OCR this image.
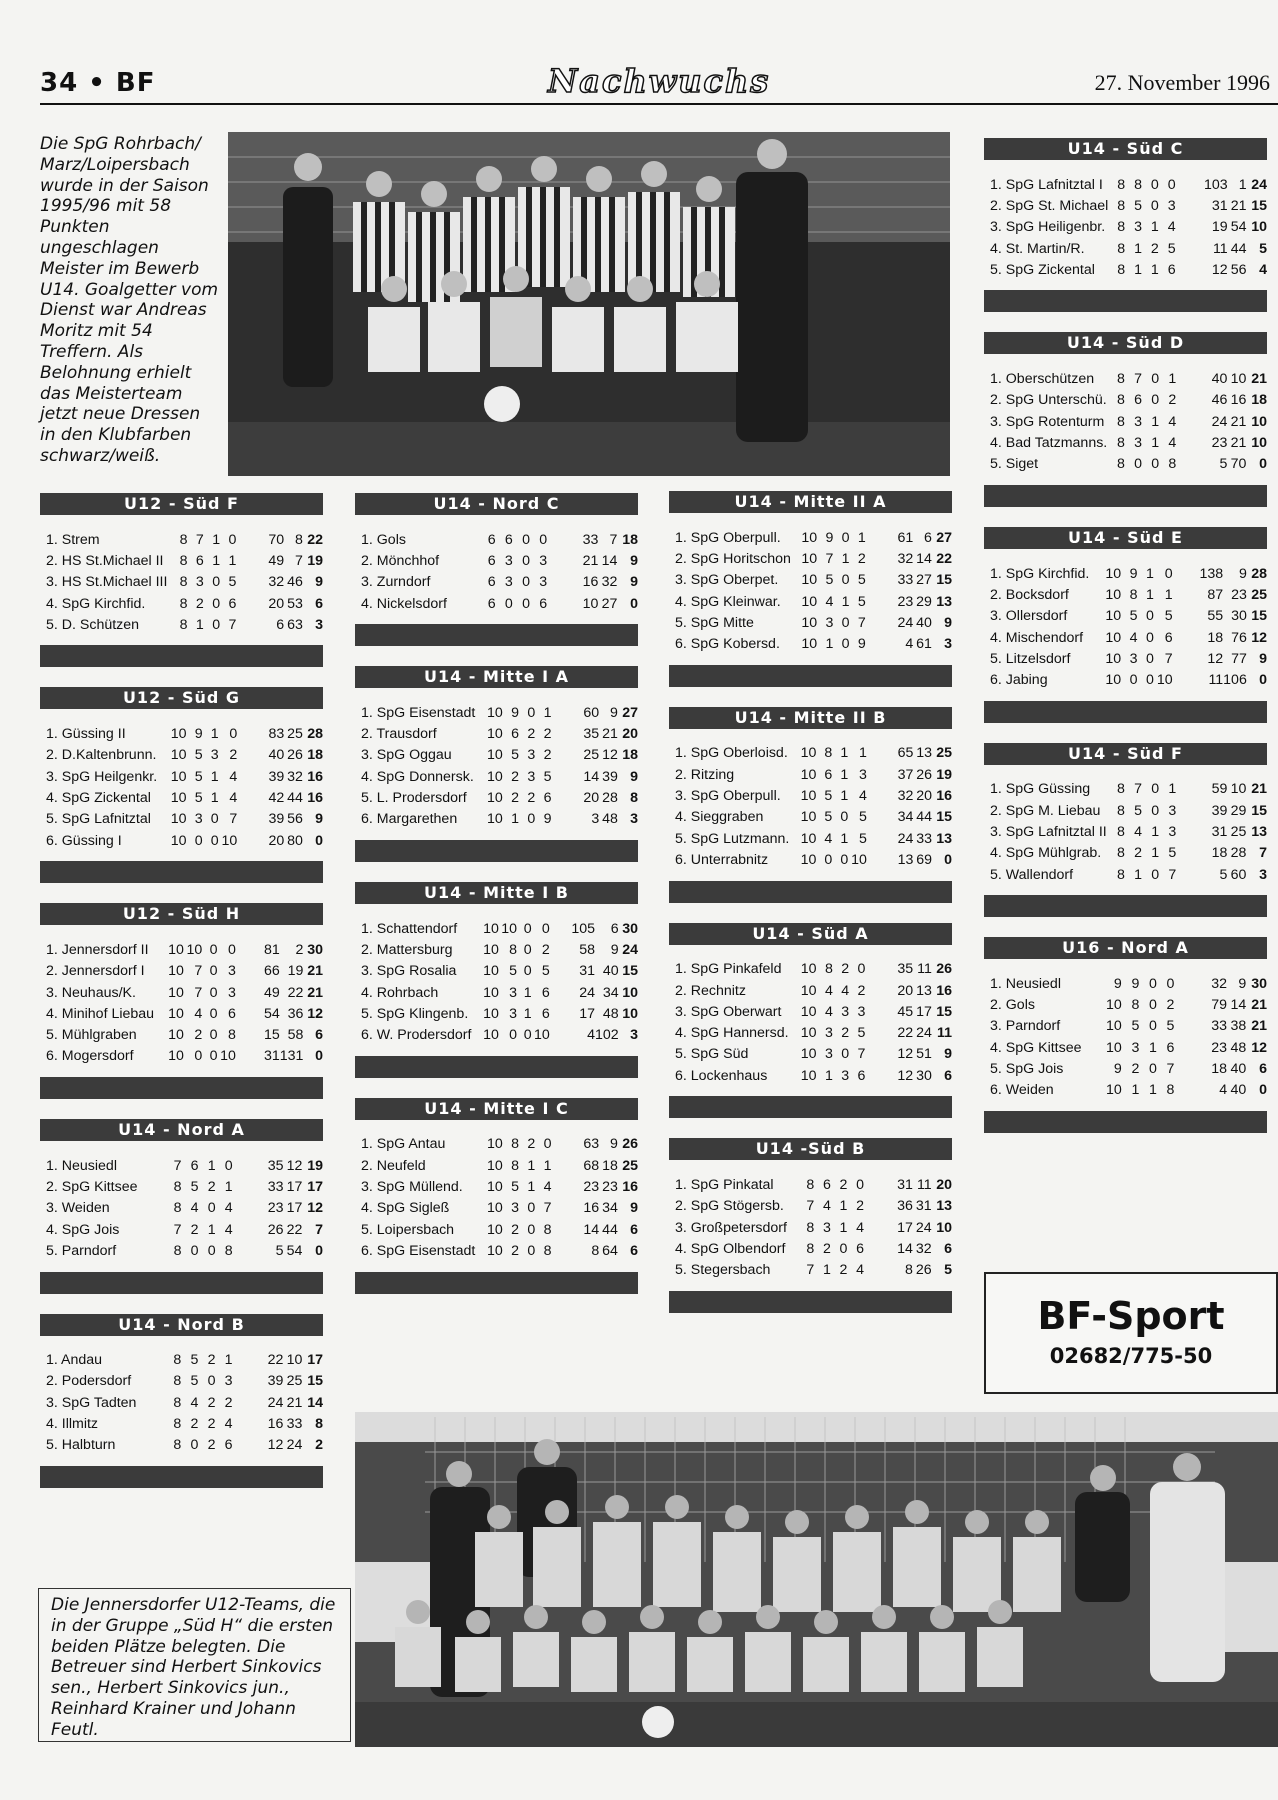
34 • BF	Nachwuchs	27. November 1996
Die SpG Rohrbach/ Marz/Loipersbach wurde in der Saison 1995/96 mit 58 Punkten ungeschlagen Meister im Bewerb U14. Goalgetter vom Dienst war Andreas Moritz mit 54 Treffern. Als Belohnung erhielt das Meisterteam jetzt neue Dressen in den Klubfarben schwarz/weiß.
U12 - Süd F
1. Strem	8	7	1	0	70	8	22
2. HS St.Michael II	8	6	1	1	49	7	19
3. HS St.Michael III	8	3	0	5	32	46	9
4. SpG Kirchfid.	8	2	0	6	20	53	6
5. D. Schützen	8	1	0	7	6	63	3
U12 - Süd G
1. Güssing II	10	9	1	0	83	25	28
2. D.Kaltenbrunn.	10	5	3	2	40	26	18
3. SpG Heilgenkr.	10	5	1	4	39	32	16
4. SpG Zickental	10	5	1	4	42	44	16
5. SpG Lafnitztal	10	3	0	7	39	56	9
6. Güssing I	10	0	0	10	20	80	0
U12 - Süd H
1. Jennersdorf II	10	10	0	0	81	2	30
2. Jennersdorf I	10	7	0	3	66	19	21
3. Neuhaus/K.	10	7	0	3	49	22	21
4. Minihof Liebau	10	4	0	6	54	36	12
5. Mühlgraben	10	2	0	8	15	58	6
6. Mogersdorf	10	0	0	10	31	131	0
U14 - Nord A
1. Neusiedl	7	6	1	0	35	12	19
2. SpG Kittsee	8	5	2	1	33	17	17
3. Weiden	8	4	0	4	23	17	12
4. SpG Jois	7	2	1	4	26	22	7
5. Parndorf	8	0	0	8	5	54	0
U14 - Nord B
1. Andau	8	5	2	1	22	10	17
2. Podersdorf	8	5	0	3	39	25	15
3. SpG Tadten	8	4	2	2	24	21	14
4. Illmitz	8	2	2	4	16	33	8
5. Halbturn	8	0	2	6	12	24	2
U14 - Nord C
1. Gols	6	6	0	0	33	7	18
2. Mönchhof	6	3	0	3	21	14	9
3. Zurndorf	6	3	0	3	16	32	9
4. Nickelsdorf	6	0	0	6	10	27	0
U14 - Mitte I A
1. SpG Eisenstadt	10	9	0	1	60	9	27
2. Trausdorf	10	6	2	2	35	21	20
3. SpG Oggau	10	5	3	2	25	12	18
4. SpG Donnersk.	10	2	3	5	14	39	9
5. L. Prodersdorf	10	2	2	6	20	28	8
6. Margarethen	10	1	0	9	3	48	3
U14 - Mitte I B
1. Schattendorf	10	10	0	0	105	6	30
2. Mattersburg	10	8	0	2	58	9	24
3. SpG Rosalia	10	5	0	5	31	40	15
4. Rohrbach	10	3	1	6	24	34	10
5. SpG Klingenb.	10	3	1	6	17	48	10
6. W. Prodersdorf	10	0	0	10	4	102	3
U14 - Mitte I C
1. SpG Antau	10	8	2	0	63	9	26
2. Neufeld	10	8	1	1	68	18	25
3. SpG Müllend.	10	5	1	4	23	23	16
4. SpG Sigleß	10	3	0	7	16	34	9
5. Loipersbach	10	2	0	8	14	44	6
6. SpG Eisenstadt	10	2	0	8	8	64	6
U14 - Mitte II A
1. SpG Oberpull.	10	9	0	1	61	6	27
2. SpG Horitschon	10	7	1	2	32	14	22
3. SpG Oberpet.	10	5	0	5	33	27	15
4. SpG Kleinwar.	10	4	1	5	23	29	13
5. SpG Mitte	10	3	0	7	24	40	9
6. SpG Kobersd.	10	1	0	9	4	61	3
U14 - Mitte II B
1. SpG Oberloisd.	10	8	1	1	65	13	25
2. Ritzing	10	6	1	3	37	26	19
3. SpG Oberpull.	10	5	1	4	32	20	16
4. Sieggraben	10	5	0	5	34	44	15
5. SpG Lutzmann.	10	4	1	5	24	33	13
6. Unterrabnitz	10	0	0	10	13	69	0
U14 - Süd A
1. SpG Pinkafeld	10	8	2	0	35	11	26
2. Rechnitz	10	4	4	2	20	13	16
3. SpG Oberwart	10	4	3	3	45	17	15
4. SpG Hannersd.	10	3	2	5	22	24	11
5. SpG Süd	10	3	0	7	12	51	9
6. Lockenhaus	10	1	3	6	12	30	6
U14 -Süd B
1. SpG Pinkatal	8	6	2	0	31	11	20
2. SpG Stögersb.	7	4	1	2	36	31	13
3. Großpetersdorf	8	3	1	4	17	24	10
4. SpG Olbendorf	8	2	0	6	14	32	6
5. Stegersbach	7	1	2	4	8	26	5
U14 - Süd C
1. SpG Lafnitztal I	8	8	0	0	103	1	24
2. SpG St. Michael	8	5	0	3	31	21	15
3. SpG Heiligenbr.	8	3	1	4	19	54	10
4. St. Martin/R.	8	1	2	5	11	44	5
5. SpG Zickental	8	1	1	6	12	56	4
U14 - Süd D
1. Oberschützen	8	7	0	1	40	10	21
2. SpG Unterschü.	8	6	0	2	46	16	18
3. SpG Rotenturm	8	3	1	4	24	21	10
4. Bad Tatzmanns.	8	3	1	4	23	21	10
5. Siget	8	0	0	8	5	70	0
U14 - Süd E
1. SpG Kirchfid.	10	9	1	0	138	9	28
2. Bocksdorf	10	8	1	1	87	23	25
3. Ollersdorf	10	5	0	5	55	30	15
4. Mischendorf	10	4	0	6	18	76	12
5. Litzelsdorf	10	3	0	7	12	77	9
6. Jabing	10	0	0	10	11	106	0
U14 - Süd F
1. SpG Güssing	8	7	0	1	59	10	21
2. SpG M. Liebau	8	5	0	3	39	29	15
3. SpG Lafnitztal II	8	4	1	3	31	25	13
4. SpG Mühlgrab.	8	2	1	5	18	28	7
5. Wallendorf	8	1	0	7	5	60	3
U16 - Nord A
1. Neusiedl	9	9	0	0	32	9	30
2. Gols	10	8	0	2	79	14	21
3. Parndorf	10	5	0	5	33	38	21
4. SpG Kittsee	10	3	1	6	23	48	12
5. SpG Jois	9	2	0	7	18	40	6
6. Weiden	10	1	1	8	4	40	0
BF-Sport
02682/775-50
Die Jennersdorfer U12-Teams, die in der Gruppe „Süd H“ die ersten beiden Plätze belegten. Die Betreuer sind Herbert Sinkovics sen., Herbert Sinkovics jun., Reinhard Krainer und Johann Feutl.
